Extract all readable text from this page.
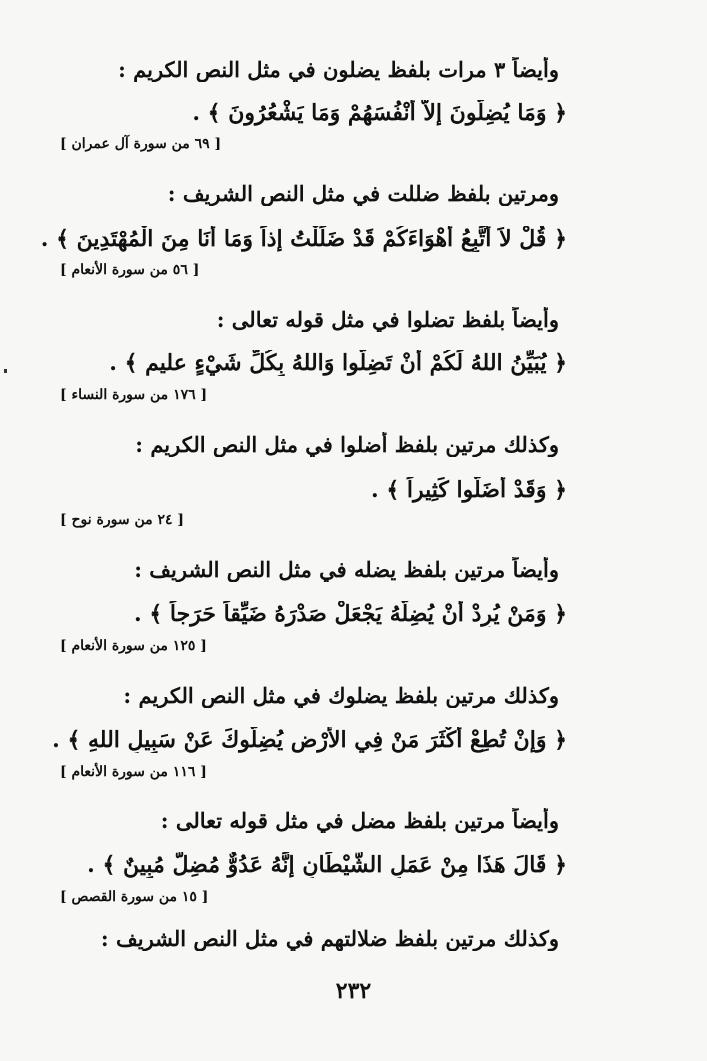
وأيضاً ٣ مرات بلفظ يضلون في مثل النص الكريم :
﴿ وَمَا يُضِلُّونَ إِلاَّ أَنْفُسَهُمْ وَمَا يَشْعُرُونَ ﴾ .
[ ٦٩ من سورة آل عمران ]
ومرتين بلفظ ضللت في مثل النص الشريف :
﴿ قُلْ لاَ أَتَّبِعُ أَهْوَاءَكُمْ قَدْ ضَلَلْتُ إِذاً وَمَا أَنَا مِنَ الْمُهْتَدِينَ ﴾ .
[ ٥٦ من سورة الأنعام ]
وأيضاً بلفظ تضلوا في مثل قوله تعالى :
﴿ يُبَيِّنُ اللهُ لَكُمْ أَنْ تَضِلُّوا وَاللهُ بِكُلِّ شَيْءٍ عليم ﴾ .
[ ١٧٦ من سورة النساء ]
وكذلك مرتين بلفظ أضلوا في مثل النص الكريم :
﴿ وَقَدْ أَضَلُّوا كَثِيراً ﴾ .
[ ٢٤ من سورة نوح ]
وأيضاً مرتين بلفظ يضله في مثل النص الشريف :
﴿ وَمَنْ يُرِدْ أَنْ يُضِلَّهُ يَجْعَلْ صَدْرَهُ ضَيِّقاً حَرَجاً ﴾ .
[ ١٢٥ من سورة الأنعام ]
وكذلك مرتين بلفظ يضلوك في مثل النص الكريم :
﴿ وَإِنْ تُطِعْ أَكْثَرَ مَنْ فِي الأَرْضِ يُضِلُّوكَ عَنْ سَبِيلِ اللهِ ﴾ .
[ ١١٦ من سورة الأنعام ]
وأيضاً مرتين بلفظ مضل في مثل قوله تعالى :
﴿ قَالَ هَذَا مِنْ عَمَلِ الشَّيْطَانِ إِنَّهُ عَدُوٌّ مُضِلٌّ مُبِينٌ ﴾ .
[ ١٥ من سورة القصص ]
وكذلك مرتين بلفظ ضلالتهم في مثل النص الشريف :
٢٣٢
